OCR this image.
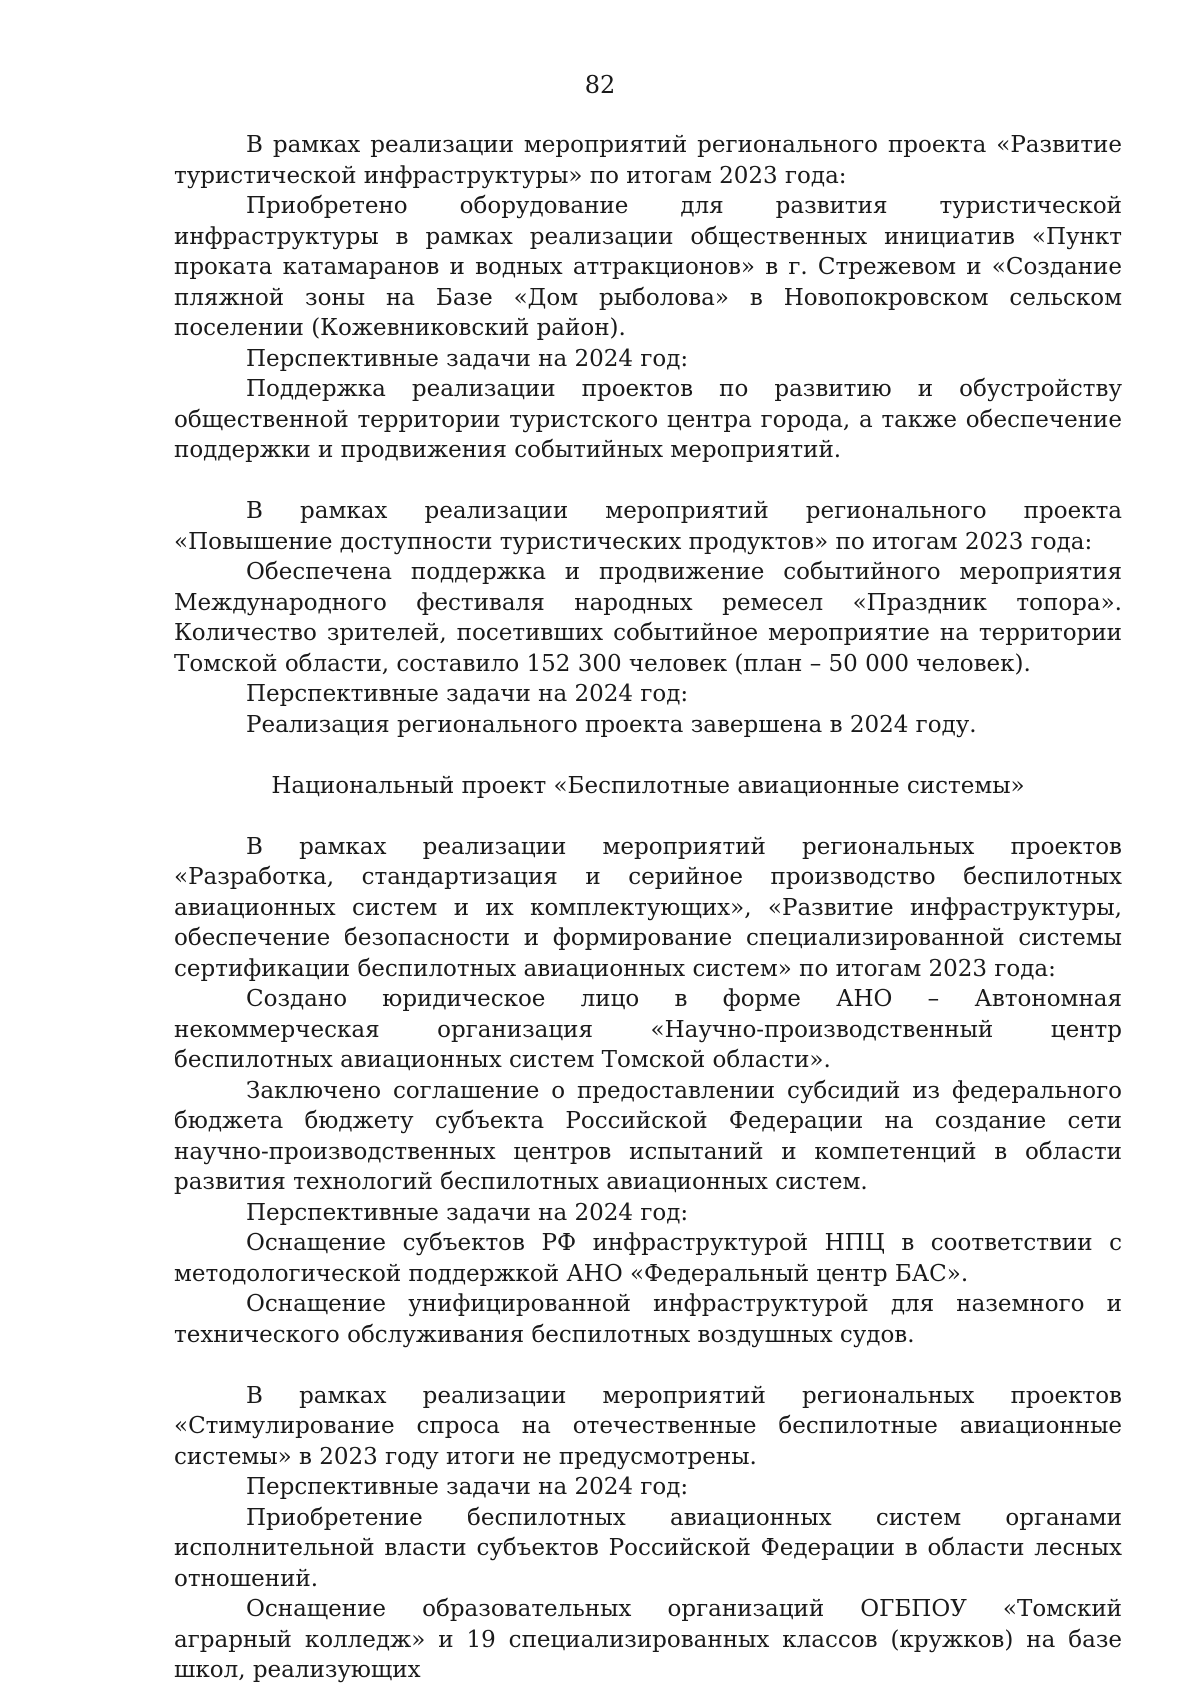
82

В рамках реализации мероприятий регионального проекта «Развитие туристической инфраструктуры» по итогам 2023 года:

Приобретено оборудование для развития туристической инфраструктуры в рамках реализации общественных инициатив «Пункт проката катамаранов и водных аттракционов» в г. Стрежевом и «Создание пляжной зоны на Базе «Дом рыболова» в Новопокровском сельском поселении (Кожевниковский район).

Перспективные задачи на 2024 год:

Поддержка реализации проектов по развитию и обустройству общественной территории туристского центра города, а также обеспечение поддержки и продвижения событийных мероприятий.

В рамках реализации мероприятий регионального проекта «Повышение доступности туристических продуктов» по итогам 2023 года:

Обеспечена поддержка и продвижение событийного мероприятия Международного фестиваля народных ремесел «Праздник топора». Количество зрителей, посетивших событийное мероприятие на территории Томской области, составило 152 300 человек (план – 50 000 человек).

Перспективные задачи на 2024 год:

Реализация регионального проекта завершена в 2024 году.

Национальный проект «Беспилотные авиационные системы»

В рамках реализации мероприятий региональных проектов «Разработка, стандартизация и серийное производство беспилотных авиационных систем и их комплектующих», «Развитие инфраструктуры, обеспечение безопасности и формирование специализированной системы сертификации беспилотных авиационных систем» по итогам 2023 года:

Создано юридическое лицо в форме АНО – Автономная некоммерческая организация «Научно-производственный центр беспилотных авиационных систем Томской области».

Заключено соглашение о предоставлении субсидий из федерального бюджета бюджету субъекта Российской Федерации на создание сети научно-производственных центров испытаний и компетенций в области развития технологий беспилотных авиационных систем.

Перспективные задачи на 2024 год:

Оснащение субъектов РФ инфраструктурой НПЦ в соответствии с методологической поддержкой АНО «Федеральный центр БАС».

Оснащение унифицированной инфраструктурой для наземного и технического обслуживания беспилотных воздушных судов.

В рамках реализации мероприятий региональных проектов «Стимулирование спроса на отечественные беспилотные авиационные системы» в 2023 году итоги не предусмотрены.

Перспективные задачи на 2024 год:

Приобретение беспилотных авиационных систем органами исполнительной власти субъектов Российской Федерации в области лесных отношений.

Оснащение образовательных организаций ОГБПОУ «Томский аграрный колледж» и 19 специализированных классов (кружков) на базе школ, реализующих
